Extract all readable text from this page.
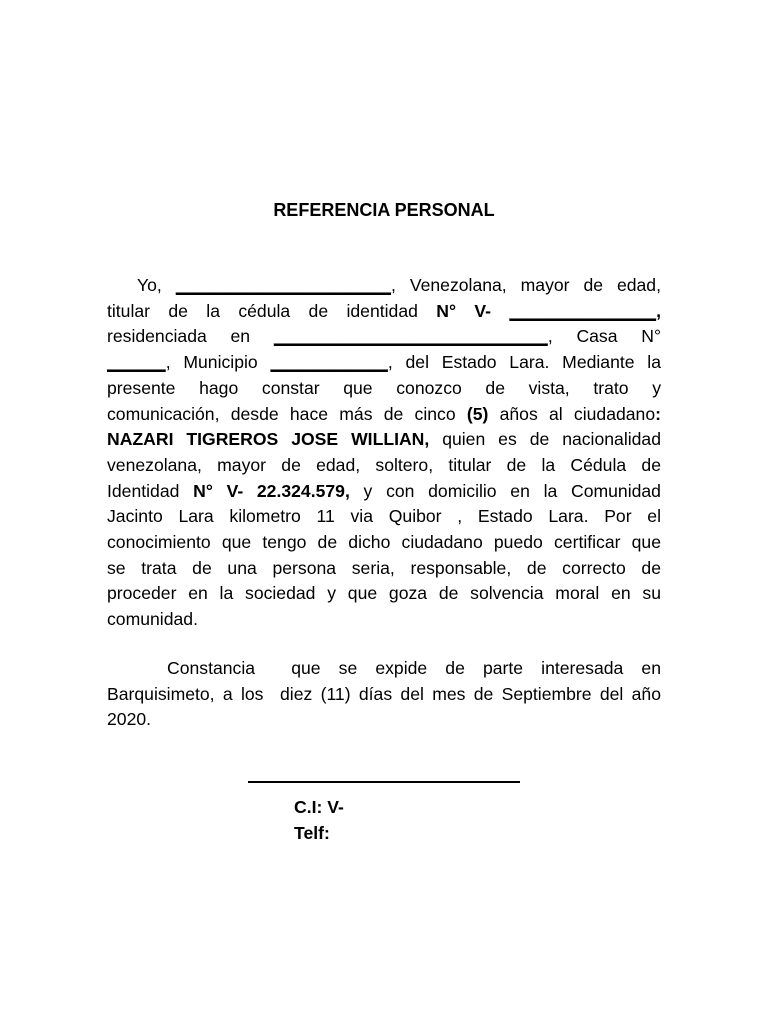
REFERENCIA PERSONAL
Yo, ______________________, Venezolana, mayor de edad,
titular de la cédula de identidad N° V- _______________,
residenciada en ____________________________, Casa N°
______, Municipio ____________, del Estado Lara. Mediante la
presente hago constar que conozco de vista, trato y
comunicación, desde hace más de cinco (5) años al ciudadano:
NAZARI TIGREROS JOSE WILLIAN, quien es de nacionalidad
venezolana, mayor de edad, soltero, titular de la Cédula de
Identidad N° V- 22.324.579, y con domicilio en la Comunidad
Jacinto Lara kilometro 11 via Quibor , Estado Lara. Por el
conocimiento que tengo de dicho ciudadano puedo certificar que
se trata de una persona seria, responsable, de correcto de
proceder en la sociedad y que goza de solvencia moral en su
comunidad.
Constancia  que se expide de parte interesada en
Barquisimeto, a los  diez (11) días del mes de Septiembre del año
2020.
C.I: V-
Telf:
